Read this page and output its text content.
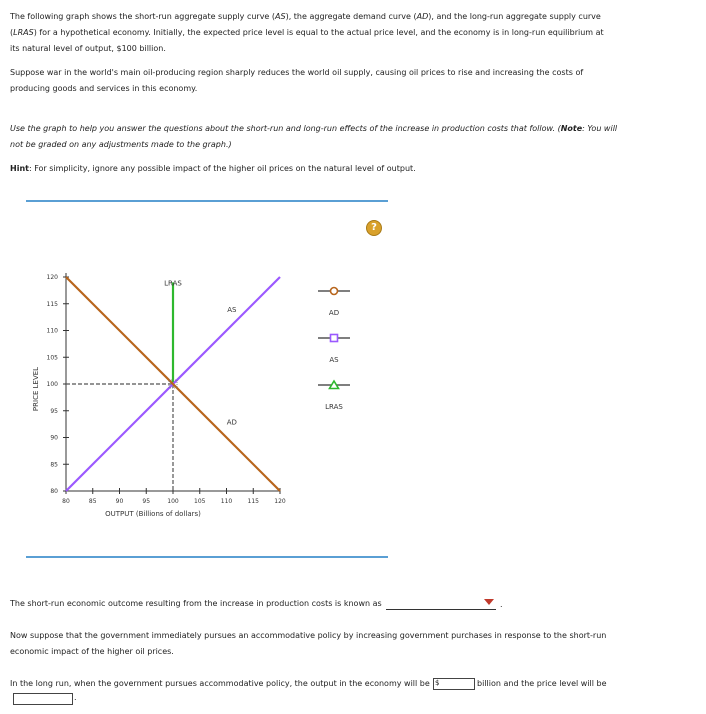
The following graph shows the short-run aggregate supply curve (AS), the aggregate demand curve (AD), and the long-run aggregate supply curve
(LRAS) for a hypothetical economy. Initially, the expected price level is equal to the actual price level, and the economy is in long-run equilibrium at
its natural level of output, $100 billion.
Suppose war in the world's main oil-producing region sharply reduces the world oil supply, causing oil prices to rise and increasing the costs of producing goods and services in this economy.
Use the graph to help you answer the questions about the short-run and long-run effects of the increase in production costs that follow. (Note: You will not be graded on any adjustments made to the graph.)
Hint: For simplicity, ignore any possible impact of the higher oil prices on the natural level of output.
?
80	85	90	95	100	105	110	115	120
80
85
90
95
100
105
110
115
120
OUTPUT (Billions of dollars)
PRICE LEVEL
LRAS
AS
AD
AD
AS
LRAS
The short-run economic outcome resulting from the increase in production costs is known as	.
Now suppose that the government immediately pursues an accommodative policy by increasing government purchases in response to the short-run
economic impact of the higher oil prices.
In the long run, when the government pursues accommodative policy, the output in the economy will be $	billion and the price level will be
.
